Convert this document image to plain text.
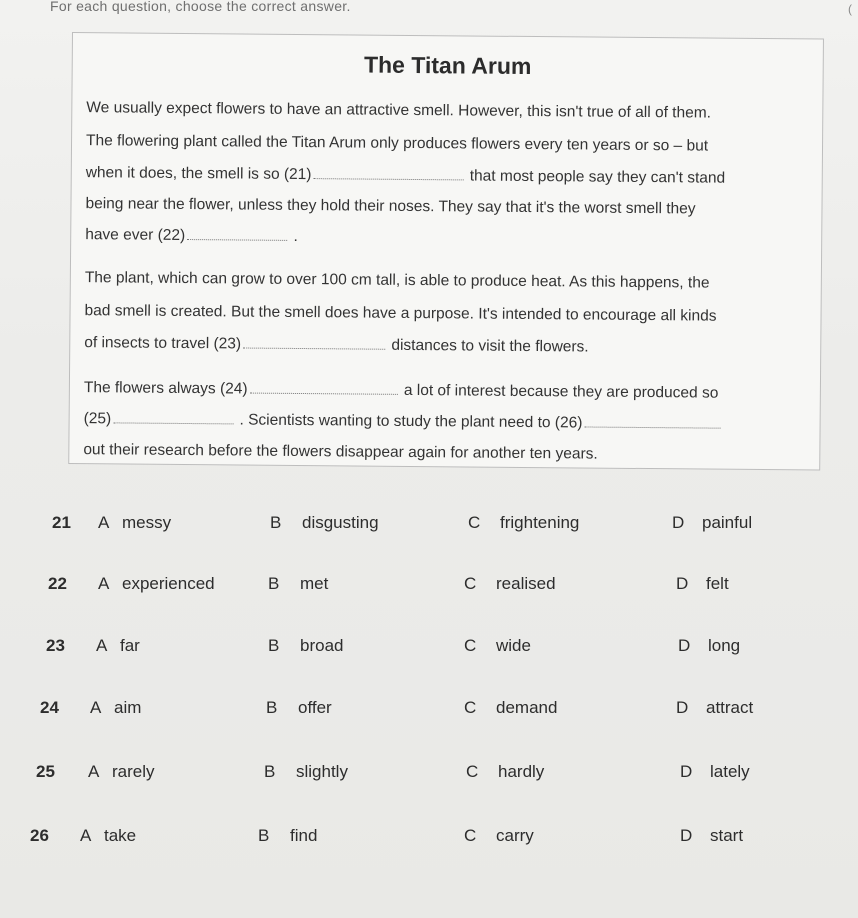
For each question, choose the correct answer.	(
The Titan Arum
We usually expect flowers to have an attractive smell. However, this isn't true of all of them.
The flowering plant called the Titan Arum only produces flowers every ten years or so – but
when it does, the smell is so (21)	that most people say they can't stand
being near the flower, unless they hold their noses. They say that it's the worst smell they
have ever (22)	.
The plant, which can grow to over 100 cm tall, is able to produce heat. As this happens, the
bad smell is created. But the smell does have a purpose. It's intended to encourage all kinds
of insects to travel (23)	distances to visit the flowers.
The flowers always (24)	a lot of interest because they are produced so
(25)	. Scientists wanting to study the plant need to (26)
out their research before the flowers disappear again for another ten years.
21 A messy	B disgusting	C frightening	D painful
22 A experienced	B met	C realised	D felt
23 A far	B broad	C wide	D long
24 A aim	B offer	C demand	D attract
25 A rarely	B slightly	C hardly	D lately
26 A take	B find	C carry	D start
